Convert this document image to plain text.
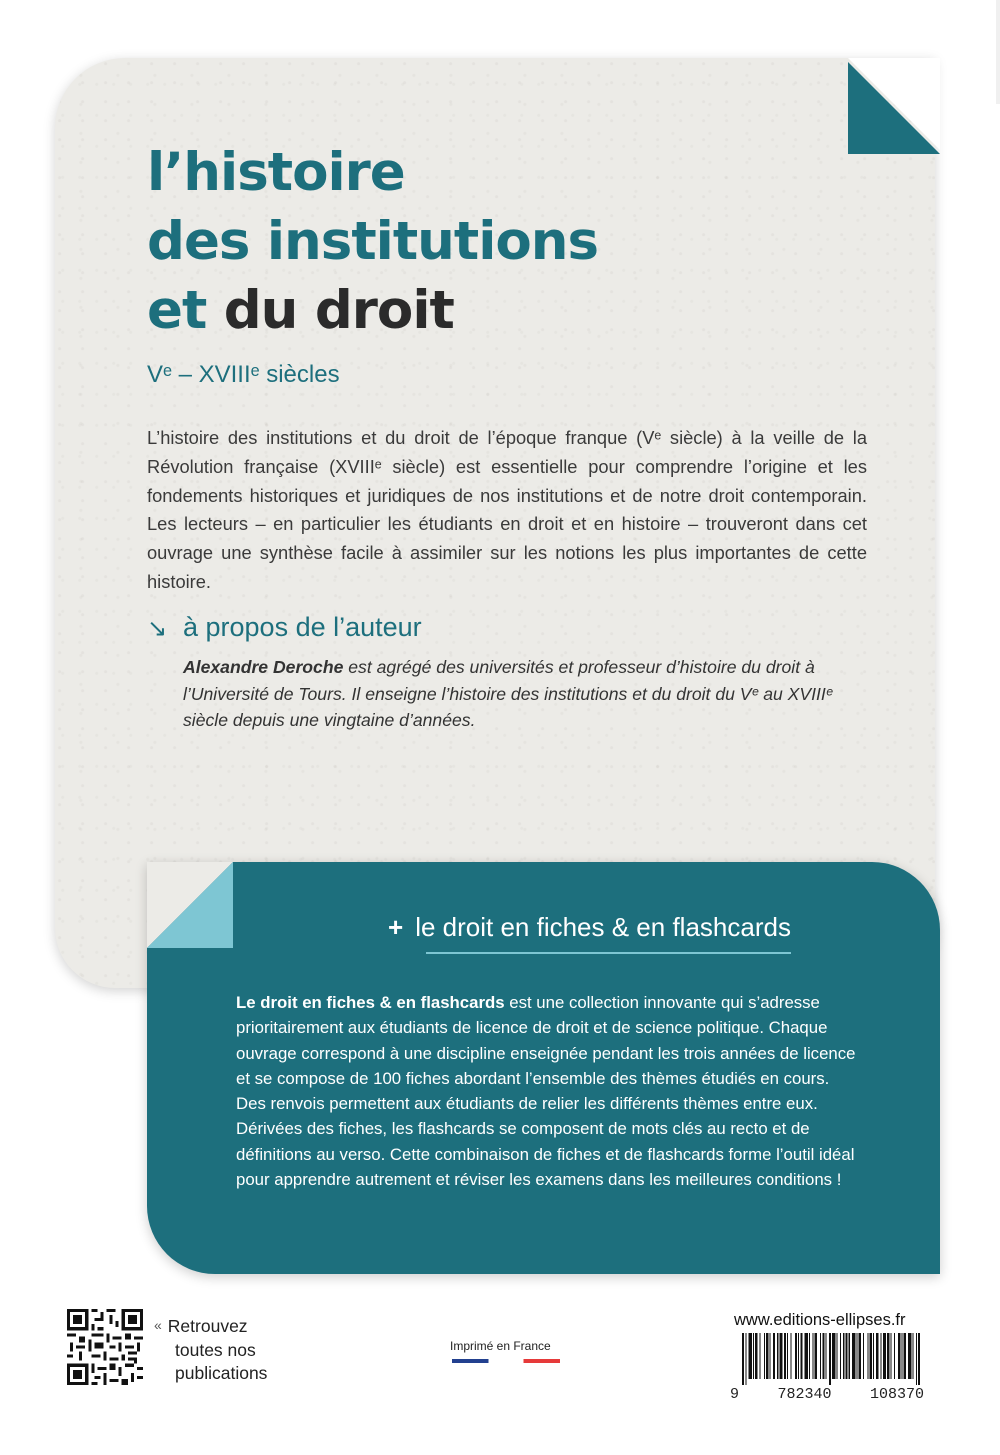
l’histoire
des institutions
et du droit
Vᵉ – XVIIIᵉ siècles

L’histoire des institutions et du droit de l’époque franque (Vᵉ siècle) à la veille de la Révolution française (XVIIIᵉ siècle) est essentielle pour comprendre l’origine et les fondements historiques et juridiques de nos institutions et de notre droit contemporain. Les lecteurs – en particulier les étudiants en droit et en histoire – trouveront dans cet ouvrage une synthèse facile à assimiler sur les notions les plus importantes de cette histoire.

↘ à propos de l’auteur

Alexandre Deroche est agrégé des universités et professeur d’histoire du droit à l’Université de Tours. Il enseigne l’histoire des institutions et du droit du Vᵉ au XVIIIᵉ siècle depuis une vingtaine d’années.

+ le droit en fiches & en flashcards

Le droit en fiches & en flashcards est une collection innovante qui s’adresse prioritairement aux étudiants de licence de droit et de science politique. Chaque ouvrage correspond à une discipline enseignée pendant les trois années de licence et se compose de 100 fiches abordant l’ensemble des thèmes étudiés en cours. Des renvois permettent aux étudiants de relier les différents thèmes entre eux. Dérivées des fiches, les flashcards se composent de mots clés au recto et de définitions au verso. Cette combinaison de fiches et de flashcards forme l’outil idéal pour apprendre autrement et réviser les examens dans les meilleures conditions !

« Retrouvez
toutes nos
publications
Imprimé en France
www.editions-ellipses.fr
9	782340	108370
